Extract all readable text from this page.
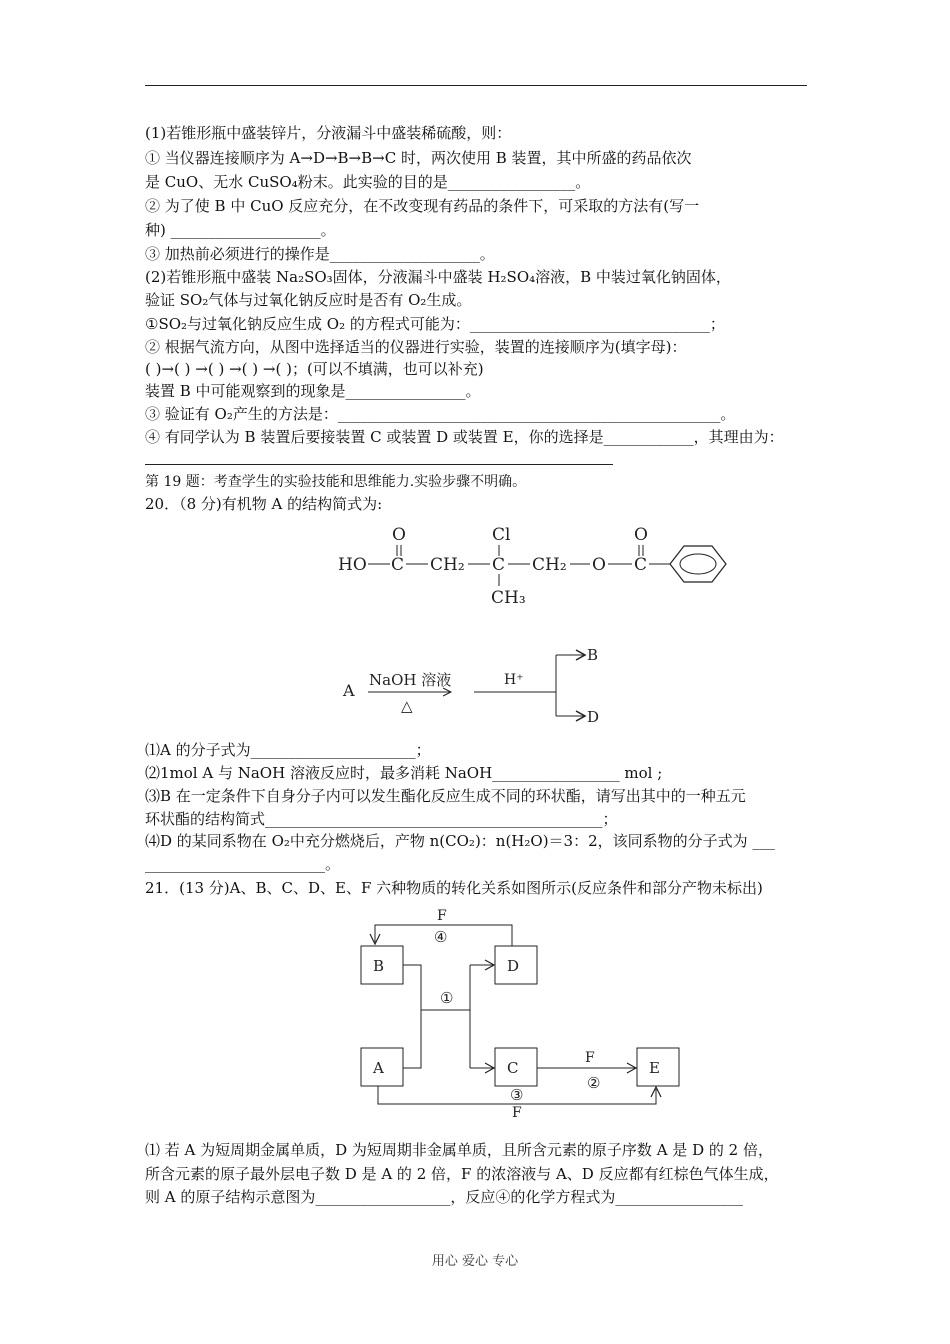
(1)若锥形瓶中盛装锌片，分液漏斗中盛装稀硫酸，则：
① 当仪器连接顺序为 A→D→B→B→C 时，两次使用 B 装置，其中所盛的药品依次
是 CuO、无水 CuSO₄粉末。此实验的目的是_________________。
② 为了使 B 中 CuO 反应充分，在不改变现有药品的条件下，可采取的方法有(写一
种) ____________________。
③ 加热前必须进行的操作是____________________。
(2)若锥形瓶中盛装 Na₂SO₃固体，分液漏斗中盛装 H₂SO₄溶液，B 中装过氧化钠固体，
验证 SO₂气体与过氧化钠反应时是否有 O₂生成。
①SO₂与过氧化钠反应生成 O₂ 的方程式可能为：________________________________；
② 根据气流方向，从图中选择适当的仪器进行实验，装置的连接顺序为(填字母)：
( )→( ) →( ) →( ) →( )；(可以不填满，也可以补充)
装置 B 中可能观察到的现象是________________。
③ 验证有 O₂产生的方法是：___________________________________________________。
④ 有同学认为 B 装置后要接装置 C 或装置 D 或装置 E，你的选择是____________，其理由为：
第 19 题：考查学生的实验技能和思维能力.实验步骤不明确。
20．（8 分)有机物 A 的结构简式为:
O	Cl	O
HO C CH₂ C CH₂ O C
CH₃
A
NaOH 溶液
△
H⁺
B
D
B	D
A	C	E
F
④
①
F
②
③
F
⑴A 的分子式为______________________；
⑵1mol A 与 NaOH 溶液反应时，最多消耗 NaOH_________________ mol ;
⑶B 在一定条件下自身分子内可以发生酯化反应生成不同的环状酯，请写出其中的一种五元
环状酯的结构简式_____________________________________________；
⑷D 的某同系物在 O₂中充分燃烧后，产物 n(CO₂)：n(H₂O)＝3：2，该同系物的分子式为 ___
________________________。
21．(13 分)A、B、C、D、E、F 六种物质的转化关系如图所示(反应条件和部分产物未标出)
⑴ 若 A 为短周期金属单质，D 为短周期非金属单质，且所含元素的原子序数 A 是 D 的 2 倍，
所含元素的原子最外层电子数 D 是 A 的 2 倍，F 的浓溶液与 A、D 反应都有红棕色气体生成，
则 A 的原子结构示意图为__________________，反应④的化学方程式为_________________
用心 爱心 专心
